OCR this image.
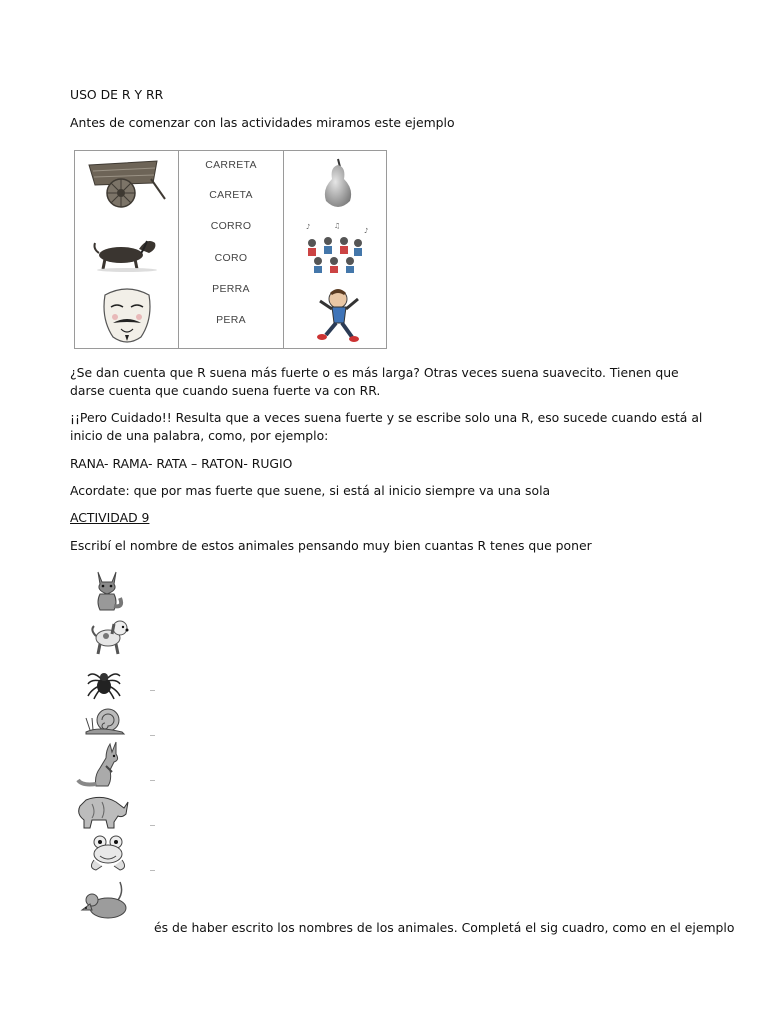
USO DE R Y RR

Antes de comenzar con las actividades miramos este ejemplo

CARRETA
CARETA
CORRO
CORO
PERRA
PERA
♪	♫
♪

¿Se dan cuenta que R suena más fuerte o es más larga? Otras veces suena suavecito. Tienen que darse cuenta que cuando suena fuerte va con RR.

¡¡Pero Cuidado!! Resulta que a veces suena fuerte y se escribe solo una R, eso sucede cuando está al inicio de una palabra, como, por ejemplo:

RANA- RAMA- RATA – RATON- RUGIO

Acordate: que por mas fuerte que suene, si está al inicio siempre va una sola

ACTIVIDAD 9

Escribí el nombre de estos animales pensando muy bien cuantas R tenes que poner

és de haber escrito los nombres de los animales. Completá el sig cuadro, como en el ejemplo
